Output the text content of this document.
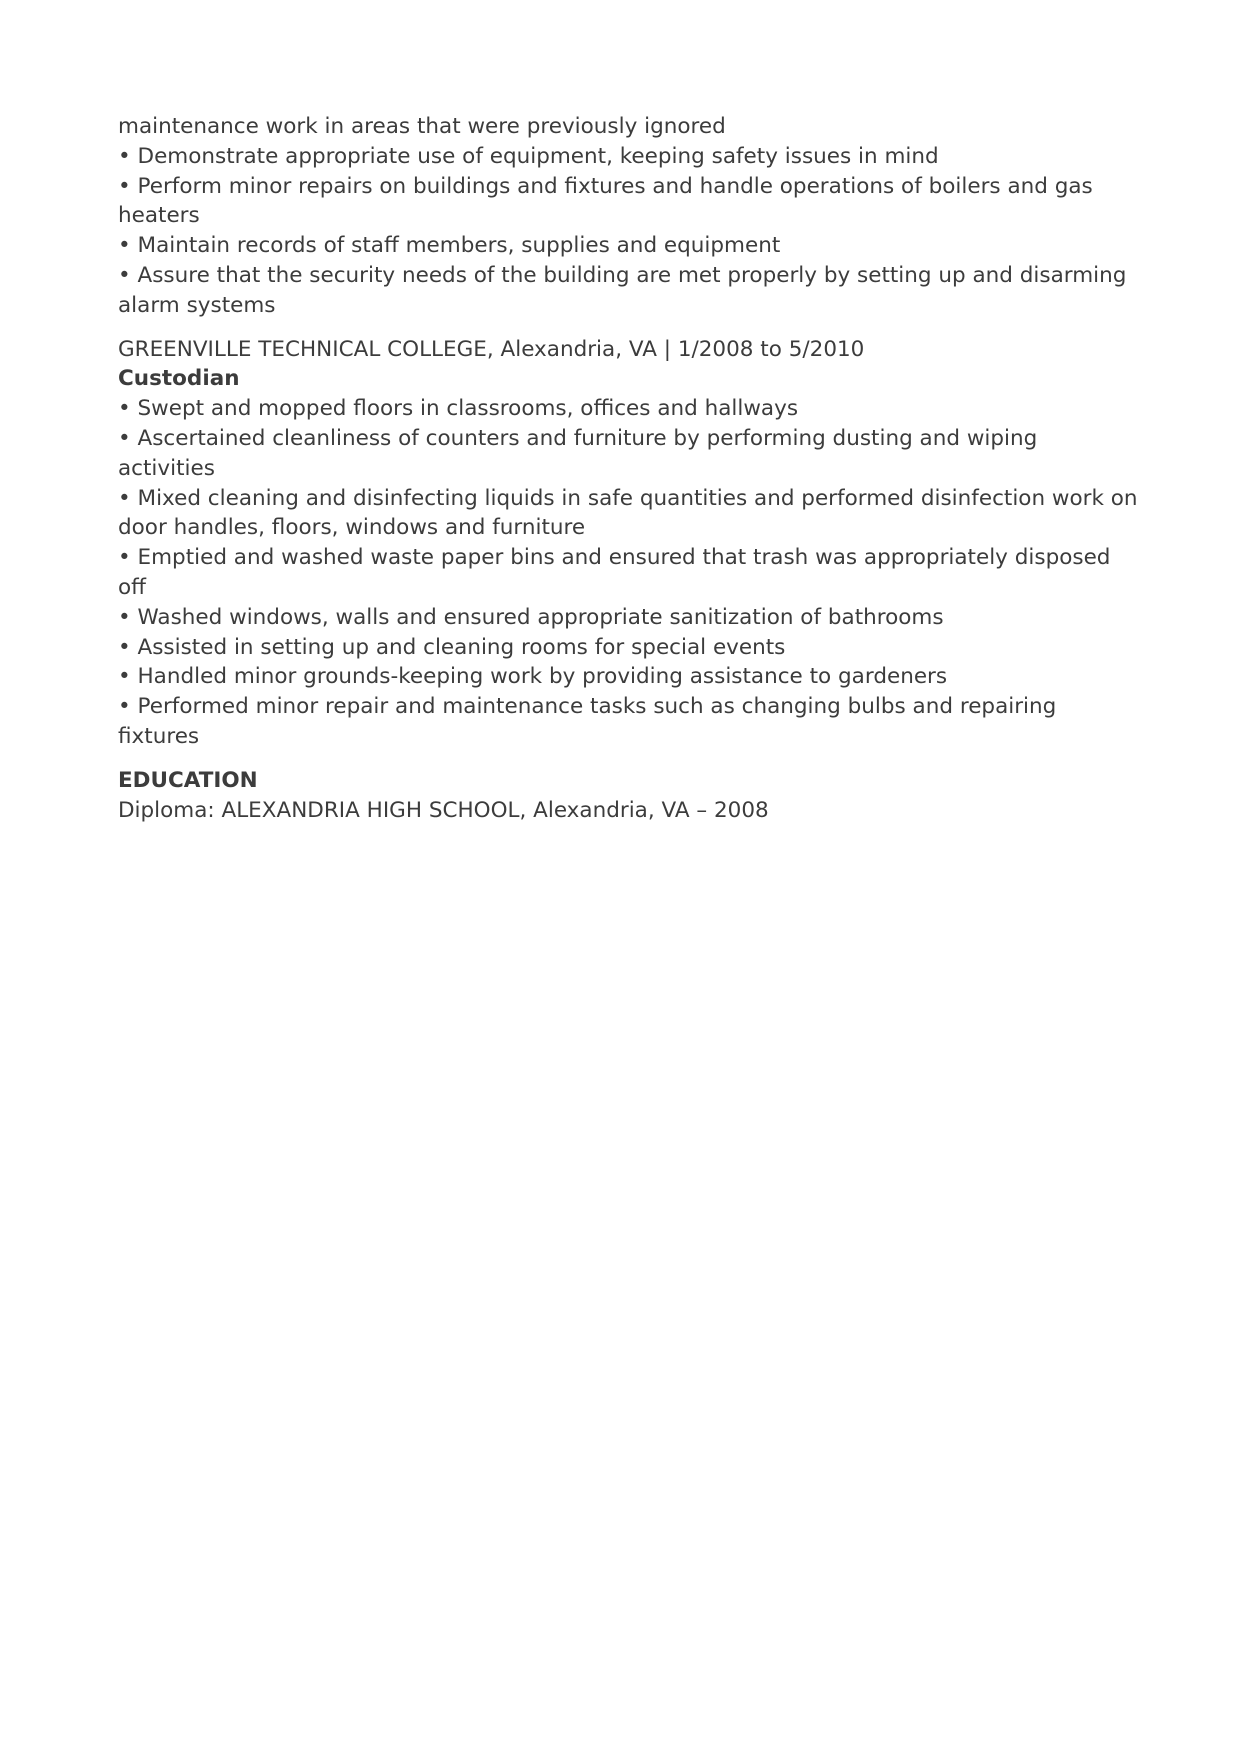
maintenance work in areas that were previously ignored
• Demonstrate appropriate use of equipment, keeping safety issues in mind
• Perform minor repairs on buildings and fixtures and handle operations of boilers and gas heaters
• Maintain records of staff members, supplies and equipment
• Assure that the security needs of the building are met properly by setting up and disarming alarm systems
GREENVILLE TECHNICAL COLLEGE, Alexandria, VA | 1/2008 to 5/2010
Custodian
• Swept and mopped floors in classrooms, offices and hallways
• Ascertained cleanliness of counters and furniture by performing dusting and wiping activities
• Mixed cleaning and disinfecting liquids in safe quantities and performed disinfection work on door handles, floors, windows and furniture
• Emptied and washed waste paper bins and ensured that trash was appropriately disposed off
• Washed windows, walls and ensured appropriate sanitization of bathrooms
• Assisted in setting up and cleaning rooms for special events
• Handled minor grounds-keeping work by providing assistance to gardeners
• Performed minor repair and maintenance tasks such as changing bulbs and repairing fixtures
EDUCATION
Diploma: ALEXANDRIA HIGH SCHOOL, Alexandria, VA – 2008
